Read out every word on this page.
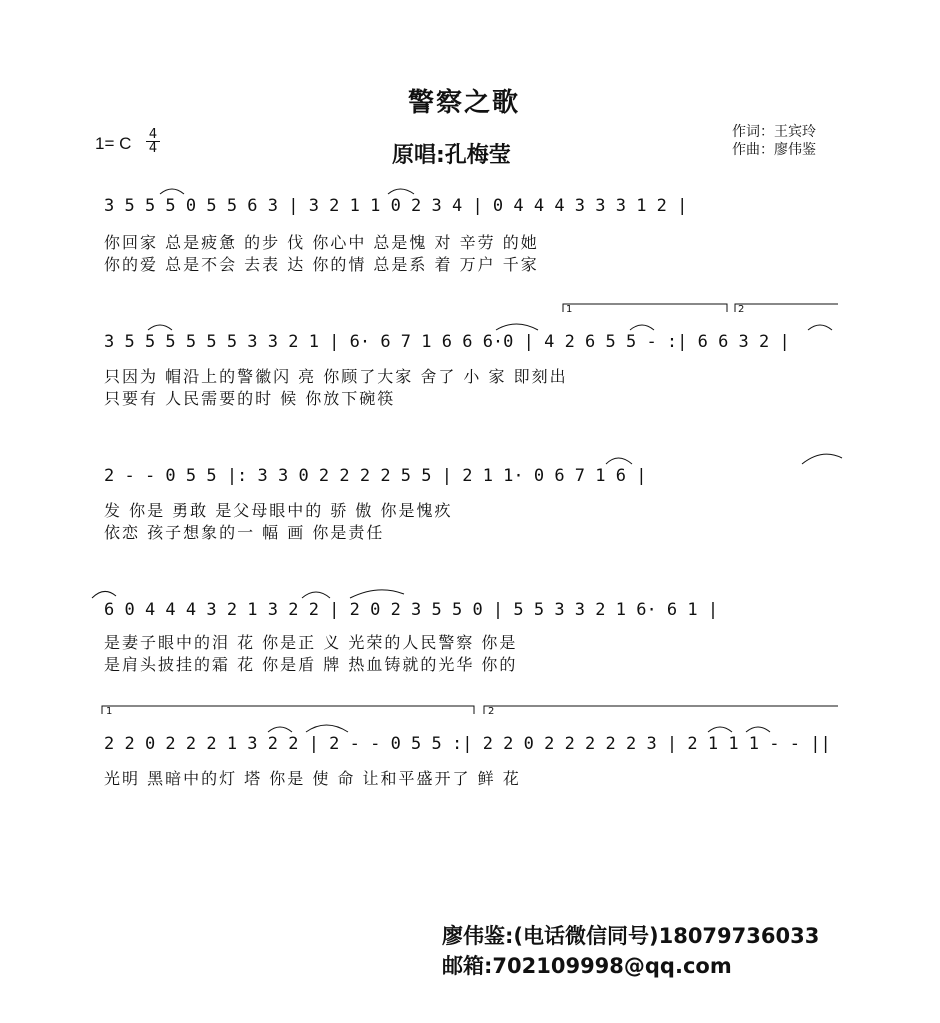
警察之歌
1= C 4
4	原唱:孔梅莹
作词：王宾玲
作曲：廖伟鉴
3 5 5 5 0 5 5 6 3 | 3 2 1 1 0 2 3 4 | 0 4 4 4 3 3 3 1 2 |
你回家 总是疲惫 的步 伐 你心中 总是愧 对 辛劳 的她
你的爱 总是不会 去表 达 你的情 总是系 着 万户 千家
3 5 5 5 5 5 5 3 3 2 1 | 6· 6 7 1 6 6 6·0 | 4 2 6 5 5 - :| 6 6 3 2 |
只因为 帽沿上的警徽闪 亮 你顾了大家 舍了 小 家 即刻出
只要有 人民需要的时 候 你放下碗筷
2 - - 0 5 5 |: 3 3 0 2 2 2 2 5 5 | 2 1 1· 0 6 7 1 6 |
发 你是 勇敢 是父母眼中的 骄 傲 你是愧疚
依恋 孩子想象的一 幅 画 你是责任
6 0 4 4 4 3 2 1 3 2 2 | 2 0 2 3 5 5 0 | 5 5 3 3 2 1 6· 6 1 |
是妻子眼中的泪 花 你是正 义 光荣的人民警察 你是
是肩头披挂的霜 花 你是盾 牌 热血铸就的光华 你的
2 2 0 2 2 2 1 3 2 2 | 2 - - 0 5 5 :| 2 2 0 2 2 2 2 2 3 | 2 1 1 1 - - ||
光明 黑暗中的灯 塔 你是 使 命 让和平盛开了 鲜 花
1	2
1	2
廖伟鉴:(电话微信同号)18079736033
邮箱:702109998@qq.com
